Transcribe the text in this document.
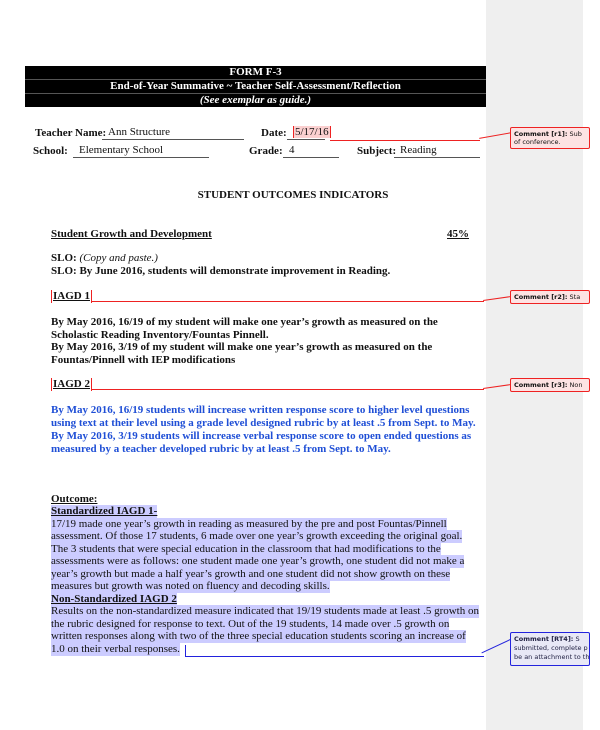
FORM F-3
End-of-Year Summative ~ Teacher Self-Assessment/Reflection
(See exemplar as guide.)
Teacher Name: Ann Structure	Date: 5/17/16
School:	Elementary School	Grade: 4	Subject: Reading
Comment [r1]: Sub
of conference.
STUDENT OUTCOMES INDICATORS
Student Growth and Development	45%
SLO: (Copy and paste.)
SLO: By June 2016, students will demonstrate improvement in Reading.
IAGD 1	Comment [r2]: Sta
By May 2016, 16/19 of my student will make one year’s growth as measured on the
Scholastic Reading Inventory/Fountas Pinnell.
By May 2016, 3/19 of my student will make one year’s growth as measured on the
Fountas/Pinnell with IEP modifications
IAGD 2	Comment [r3]: Non
By May 2016, 16/19 students will increase written response score to higher level questions
using text at their level using a grade level designed rubric by at least .5 from Sept. to May.
By May 2016, 3/19 students will increase verbal response score to open ended questions as
measured by a teacher developed rubric by at least .5 from Sept. to May.
Outcome:
Standardized IAGD 1-
17/19 made one year’s growth in reading as measured by the pre and post Fountas/Pinnell
assessment. Of those 17 students, 6 made over one year’s growth exceeding the original goal.
The 3 students that were special education in the classroom that had modifications to the
assessments were as follows: one student made one year’s growth, one student did not make a
year’s growth but made a half year’s growth and one student did not show growth on these
measures but growth was noted on fluency and decoding skills.
Non-Standardized IAGD 2
Results on the non-standardized measure indicated that 19/19 students made at least .5 growth on
the rubric designed for response to text. Out of the 19 students, 14 made over .5 growth on
written responses along with two of the three special education students scoring an increase of
1.0 on their verbal responses.
Comment [RT4]: S
submitted, complete p
be an attachment to th
